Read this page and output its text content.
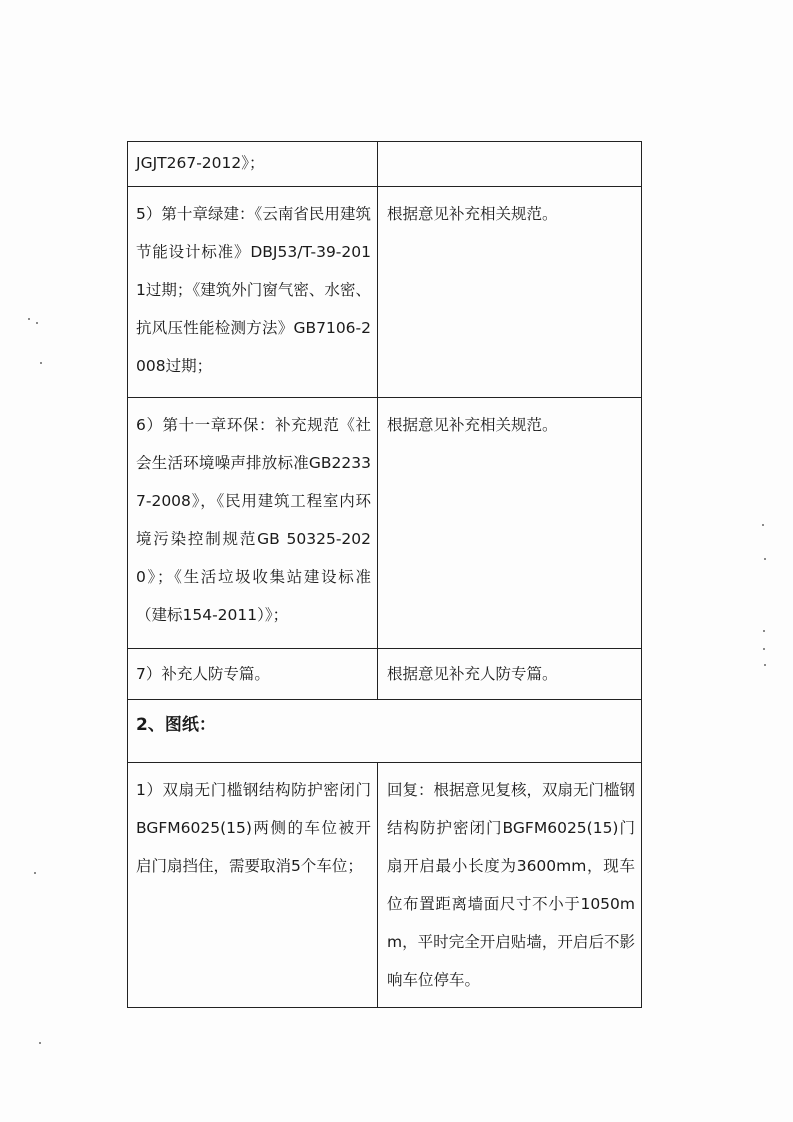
JGJT267-2012》；	

5）第十章绿建：《云南省民用建筑节能设计标准》DBJ53/T-39-2011过期；《建筑外门窗气密、水密、抗风压性能检测方法》GB7106-2008过期；	根据意见补充相关规范。

6）第十一章环保：补充规范《社会生活环境噪声排放标准GB22337-2008》，《民用建筑工程室内环境污染控制规范GB 50325-2020》；《生活垃圾收集站建设标准（建标154-2011）》；	根据意见补充相关规范。

7）补充人防专篇。	根据意见补充人防专篇。

2、图纸：	

1）双扇无门槛钢结构防护密闭门BGFM6025(15)两侧的车位被开启门扇挡住，需要取消5个车位；	回复：根据意见复核，双扇无门槛钢结构防护密闭门BGFM6025(15)门扇开启最小长度为3600mm，现车位布置距离墙面尺寸不小于1050mm，平时完全开启贴墙，开启后不影响车位停车。
